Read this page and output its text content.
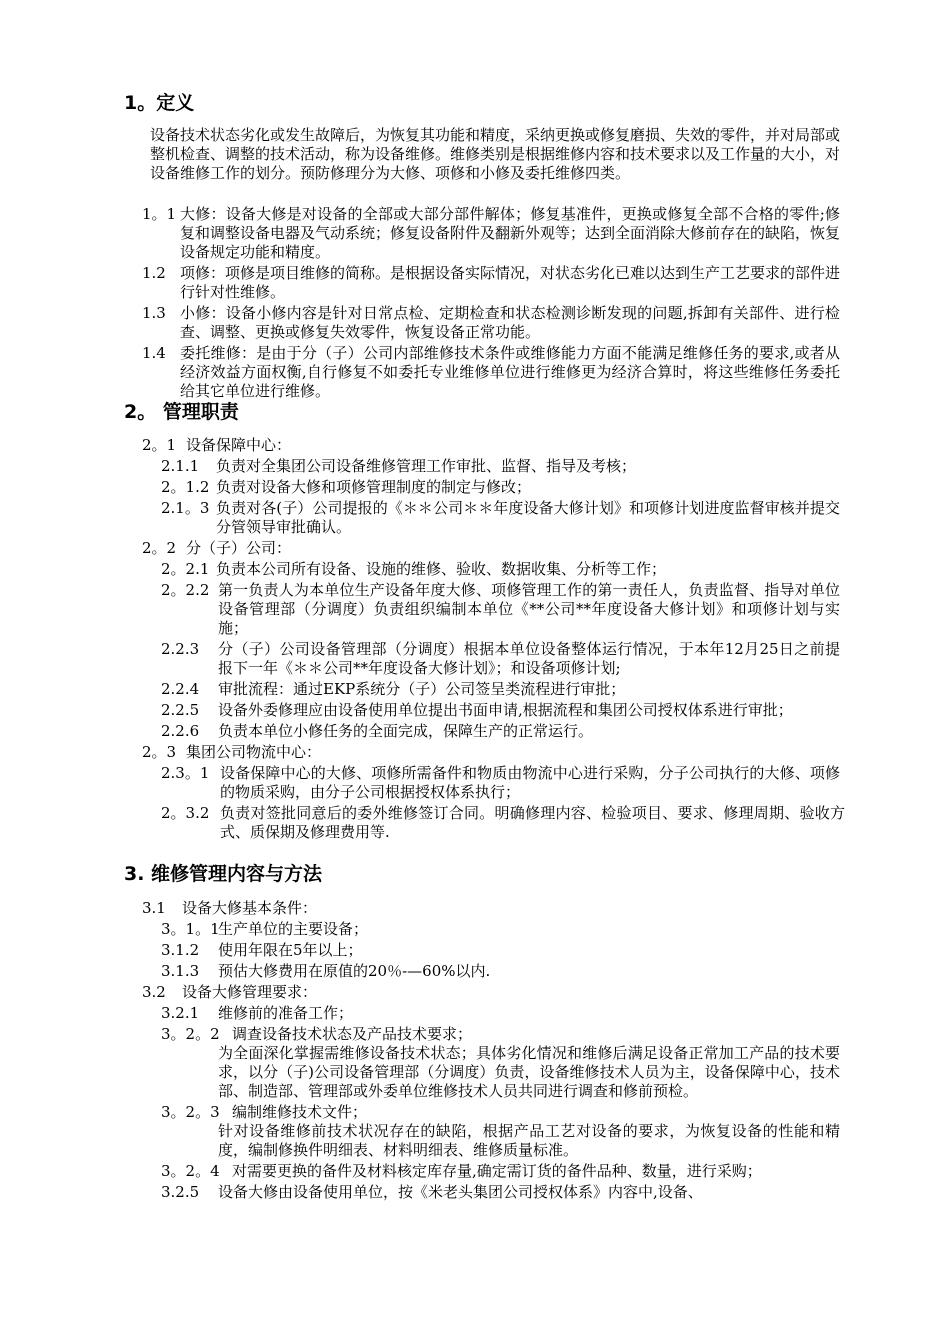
1。定义
设备技术状态劣化或发生故障后，为恢复其功能和精度，采纳更换或修复磨损、失效的零件，并对局部或整机检查、调整的技术活动，称为设备维修。维修类别是根据维修内容和技术要求以及工作量的大小，对设备维修工作的划分。预防修理分为大修、项修和小修及委托维修四类。
1。1 大修：设备大修是对设备的全部或大部分部件解体；修复基准件，更换或修复全部不合格的零件;修复和调整设备电器及气动系统；修复设备附件及翻新外观等；达到全面消除大修前存在的缺陷，恢复设备规定功能和精度。
1.2 项修：项修是项目维修的简称。是根据设备实际情况，对状态劣化已难以达到生产工艺要求的部件进行针对性维修。
1.3 小修：设备小修内容是针对日常点检、定期检查和状态检测诊断发现的问题,拆卸有关部件、进行检查、调整、更换或修复失效零件，恢复设备正常功能。
1.4 委托维修：是由于分（子）公司内部维修技术条件或维修能力方面不能满足维修任务的要求,或者从经济效益方面权衡,自行修复不如委托专业维修单位进行维修更为经济合算时，将这些维修任务委托给其它单位进行维修。
2。 管理职责
2。1 设备保障中心：
2.1.1 负责对全集团公司设备维修管理工作审批、监督、指导及考核；
2。1.2 负责对设备大修和项修管理制度的制定与修改；
2.1。3 负责对各(子）公司提报的《＊＊公司＊＊年度设备大修计划》和项修计划进度监督审核并提交分管领导审批确认。
2。2 分（子）公司：
2。2.1 负责本公司所有设备、设施的维修、验收、数据收集、分析等工作；
2。2.2 第一负责人为本单位生产设备年度大修、项修管理工作的第一责任人，负责监督、指导对单位设备管理部（分调度）负责组织编制本单位《**公司**年度设备大修计划》和项修计划与实施；
2.2.3 分（子）公司设备管理部（分调度）根据本单位设备整体运行情况，于本年12月25日之前提报下一年《＊＊公司**年度设备大修计划》；和设备项修计划;
2.2.4 审批流程：通过EKP系统分（子）公司签呈类流程进行审批；
2.2.5 设备外委修理应由设备使用单位提出书面申请,根据流程和集团公司授权体系进行审批；
2.2.6 负责本单位小修任务的全面完成，保障生产的正常运行。
2。3 集团公司物流中心：
2.3。1 设备保障中心的大修、项修所需备件和物质由物流中心进行采购，分子公司执行的大修、项修的物质采购，由分子公司根据授权体系执行；
2。3.2 负责对签批同意后的委外维修签订合同。明确修理内容、检验项目、要求、修理周期、验收方式、质保期及修理费用等.
3. 维修管理内容与方法
3.1 设备大修基本条件：
3。1。1
生产单位的主要设备；
3.1.2 使用年限在5年以上；
3.1.3 预估大修费用在原值的20％-—60%以内.
3.2 设备大修管理要求：
3.2.1 维修前的准备工作；
3。2。2 调查设备技术状态及产品技术要求；
为全面深化掌握需维修设备技术状态；具体劣化情况和维修后满足设备正常加工产品的技术要求，以分（子)公司设备管理部（分调度）负责，设备维修技术人员为主，设备保障中心，技术部、制造部、管理部或外委单位维修技术人员共同进行调查和修前预检。
3。2。3 编制维修技术文件；
针对设备维修前技术状况存在的缺陷，根据产品工艺对设备的要求，为恢复设备的性能和精度，编制修换件明细表、材料明细表、维修质量标准。
3。2。4 对需要更换的备件及材料核定库存量,确定需订货的备件品种、数量，进行采购；
3.2.5 设备大修由设备使用单位，按《米老头集团公司授权体系》内容中,设备、
